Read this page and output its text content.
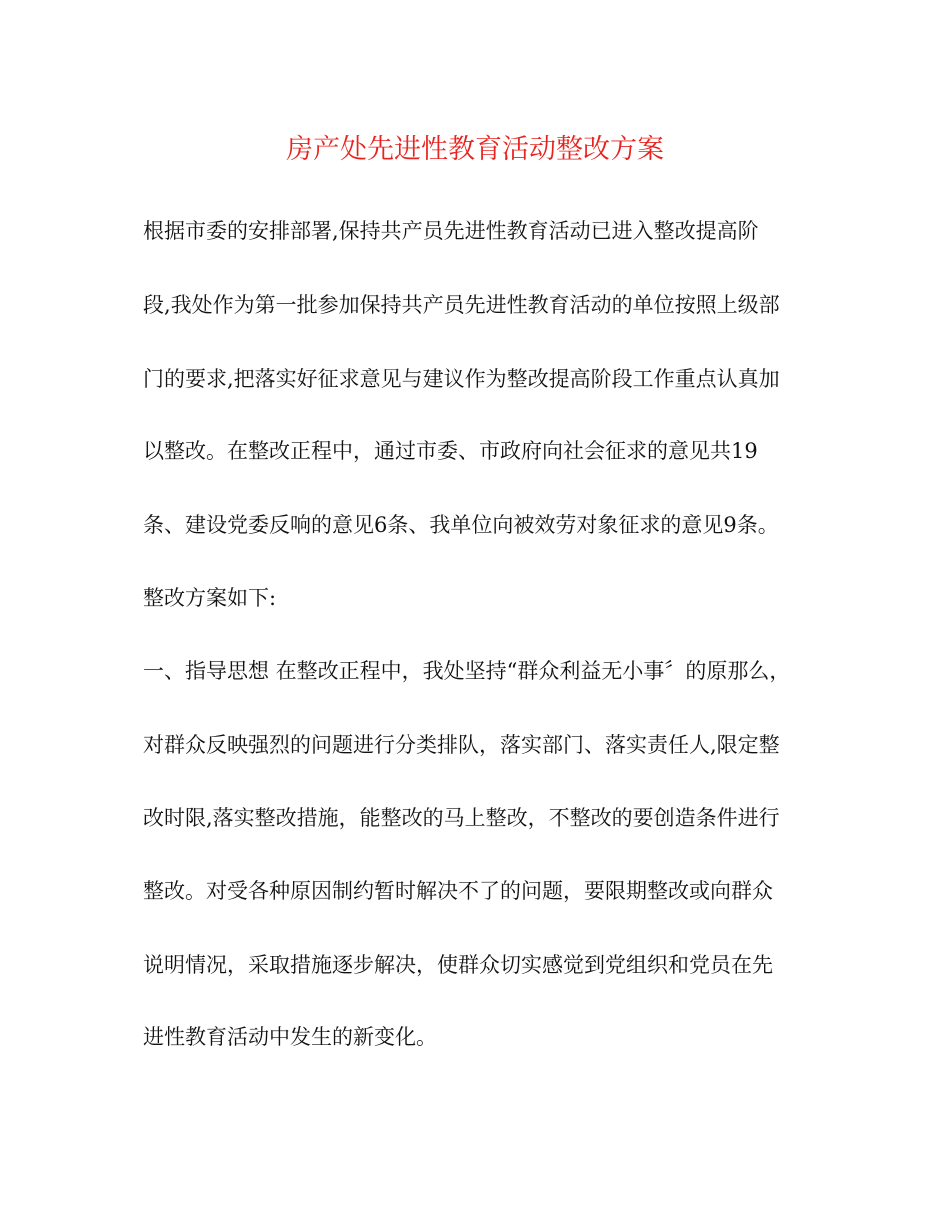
房产处先进性教育活动整改方案
根据市委的安排部署,保持共产员先进性教育活动已进入整改提高阶
段,我处作为第一批参加保持共产员先进性教育活动的单位按照上级部
门的要求,把落实好征求意见与建议作为整改提高阶段工作重点认真加
以整改。在整改正程中，通过市委、市政府向社会征求的意见共19
条、建设党委反响的意见6条、我单位向被效劳对象征求的意见9条。
整改方案如下:
一、指导思想 在整改正程中，我处坚持“群众利益无小事〞的原那么，
对群众反映强烈的问题进行分类排队，落实部门、落实责任人,限定整
改时限,落实整改措施，能整改的马上整改，不整改的要创造条件进行
整改。对受各种原因制约暂时解决不了的问题，要限期整改或向群众
说明情况，采取措施逐步解决，使群众切实感觉到党组织和党员在先
进性教育活动中发生的新变化。
